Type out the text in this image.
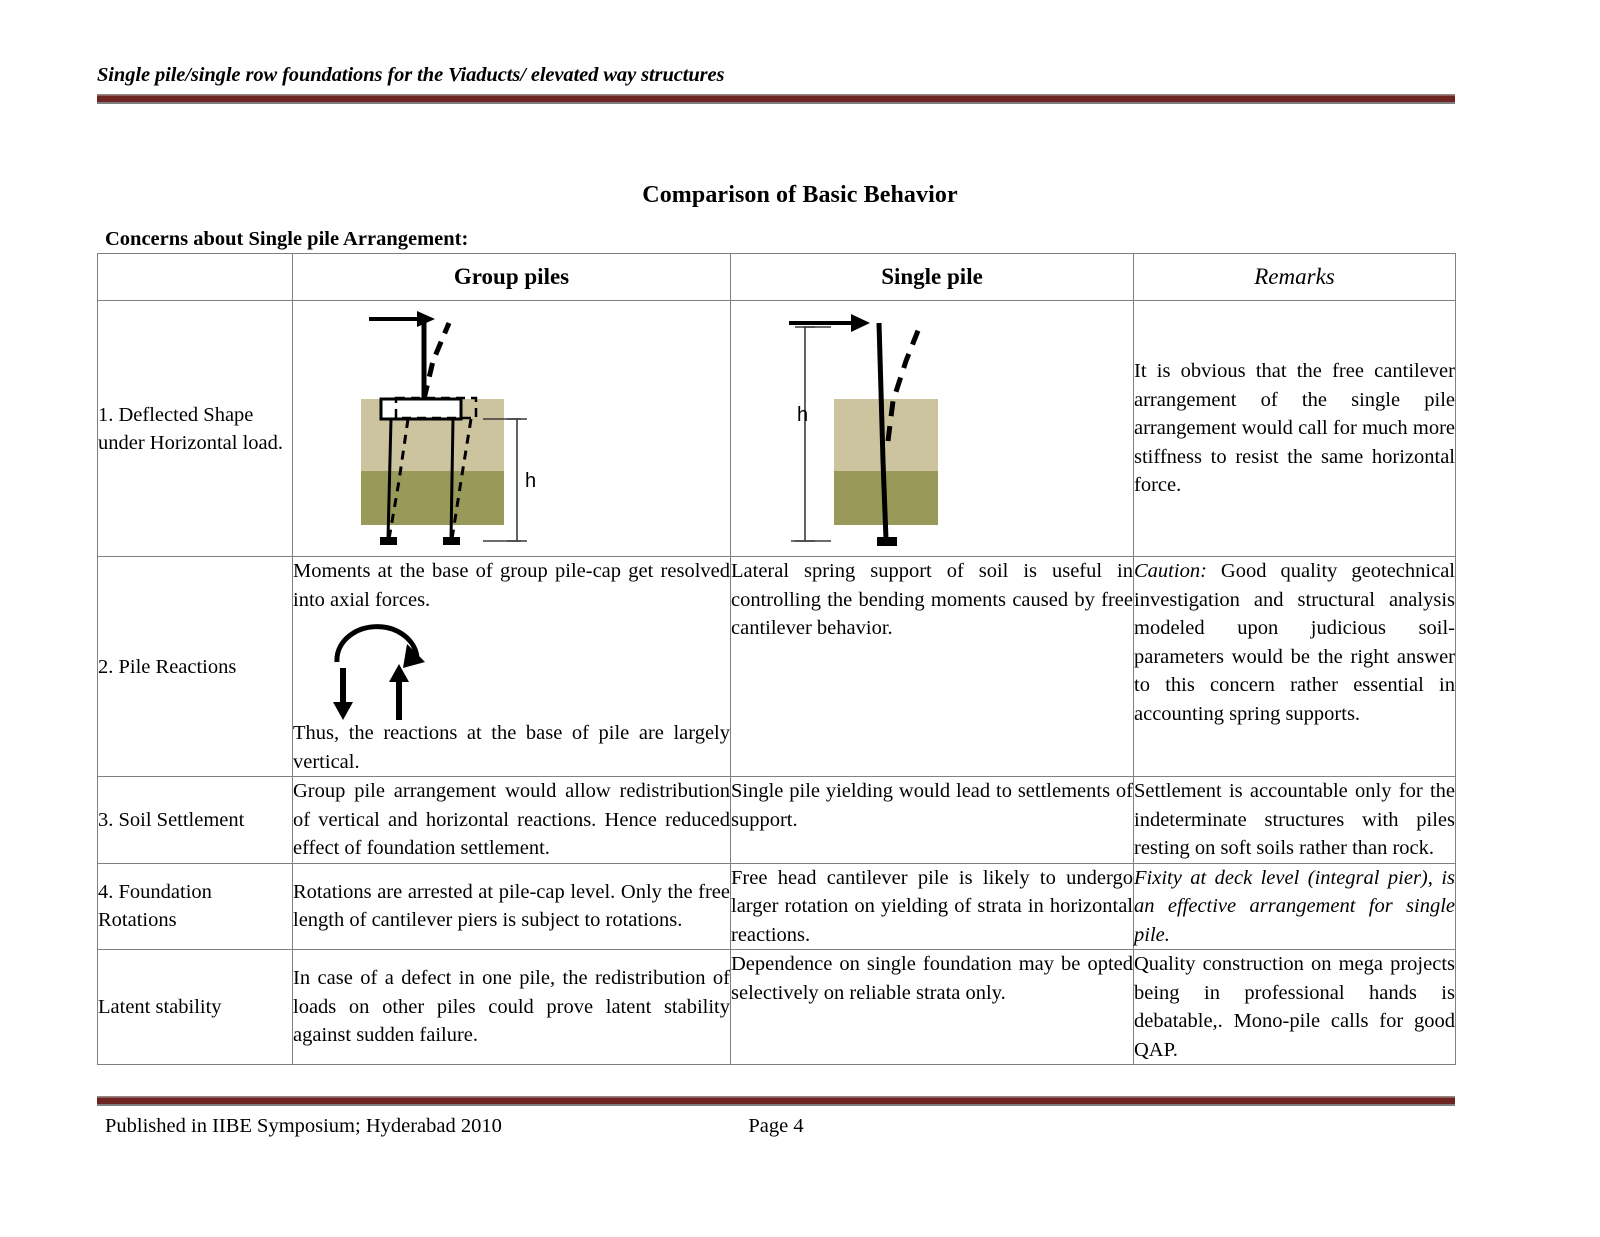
Single pile/single row foundations for the Viaducts/ elevated way structures
Comparison of Basic Behavior
Concerns about Single pile Arrangement:
	Group piles	Single pile	Remarks
1. Deflected Shape under Horizontal load.	h	h	It is obvious that the free cantilever arrangement of the single pile arrangement would call for much more stiffness to resist the same horizontal force.
2. Pile Reactions	Moments at the base of group pile-cap get resolved into axial forces.
Thus, the reactions at the base of pile are largely vertical.	Lateral spring support of soil is useful in controlling the bending moments caused by free cantilever behavior.	Caution: Good quality geotechnical investigation and structural analysis modeled upon judicious soil-parameters would be the right answer to this concern rather essential in accounting spring supports.
3. Soil Settlement	Group pile arrangement would allow redistribution of vertical and horizontal reactions. Hence reduced effect of foundation settlement.	Single pile yielding would lead to settlements of support.	Settlement is accountable only for the indeterminate structures with piles resting on soft soils rather than rock.
4. Foundation Rotations	Rotations are arrested at pile-cap level. Only the free length of cantilever piers is subject to rotations.	Free head cantilever pile is likely to undergo larger rotation on yielding of strata in horizontal reactions.	Fixity at deck level (integral pier), is an effective arrangement for single pile.
Latent stability	In case of a defect in one pile, the redistribution of loads on other piles could prove latent stability against sudden failure.	Dependence on single foundation may be opted selectively on reliable strata only.	Quality construction on mega projects being in professional hands is debatable,. Mono-pile calls for good QAP.
Published in IIBE Symposium; Hyderabad 2010	Page 4
